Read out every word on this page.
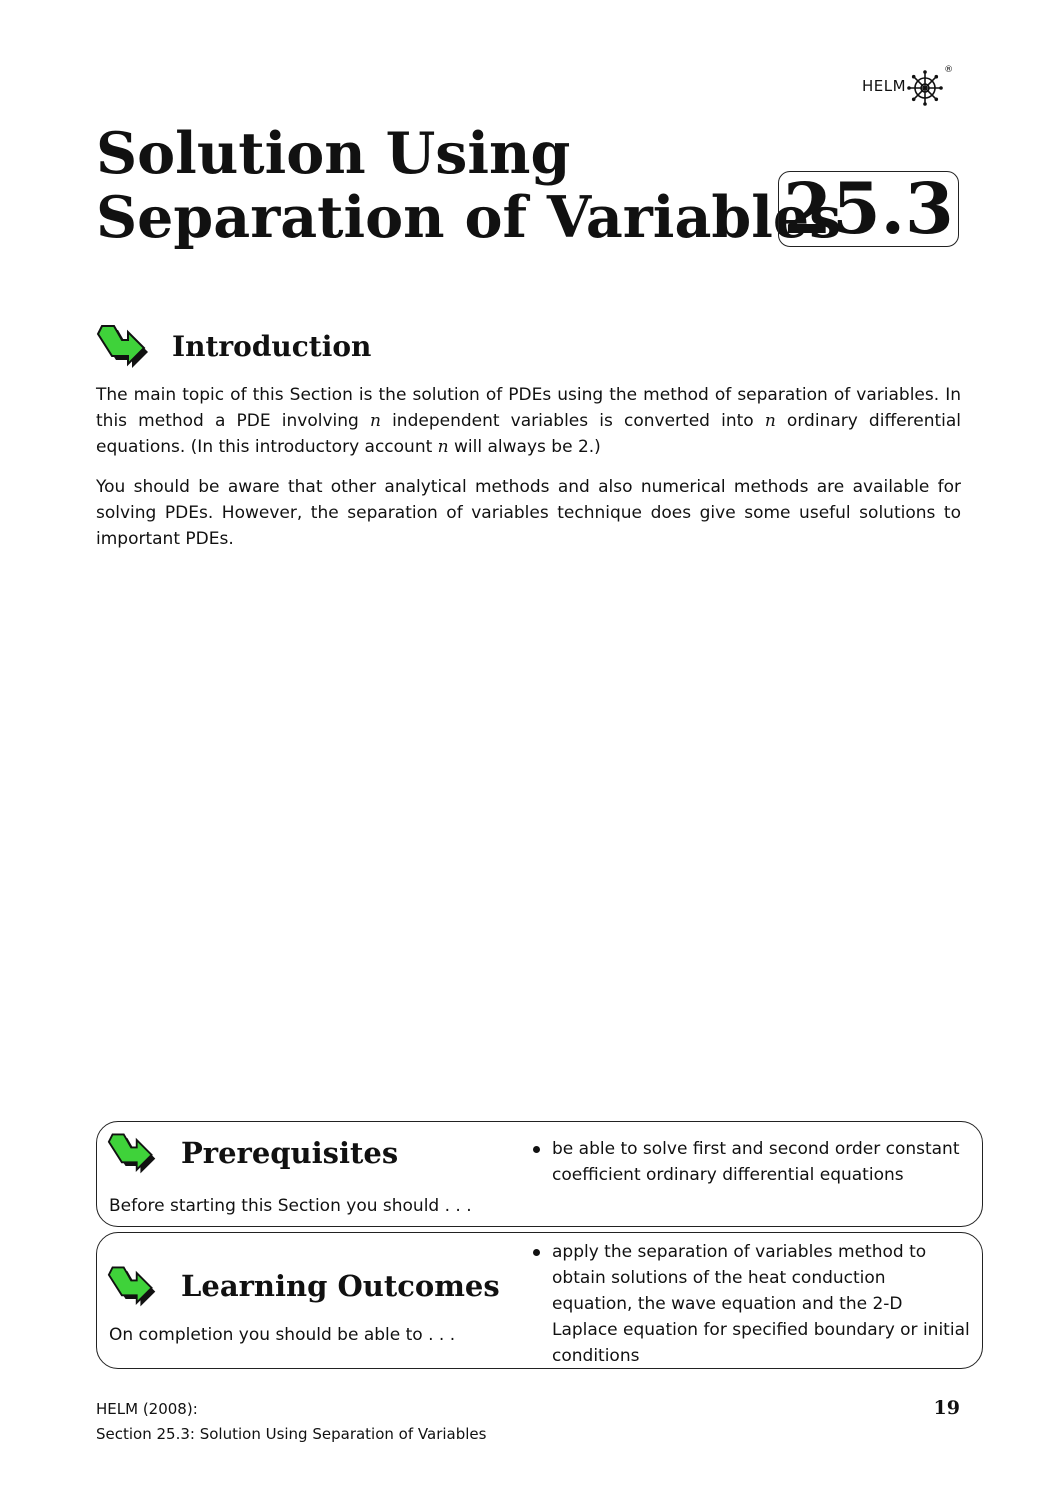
HELM
®
Solution Using
Separation of Variables
25.3
Introduction

The main topic of this Section is the solution of PDEs using the method of separation of variables. In this method a PDE involving n independent variables is converted into n ordinary differential equations. (In this introductory account n will always be 2.)

You should be aware that other analytical methods and also numerical methods are available for solving PDEs. However, the separation of variables technique does give some useful solutions to important PDEs.

Prerequisites

Before starting this Section you should . . .

be able to solve first and second order constant coefficient ordinary differential equations
Learning Outcomes

On completion you should be able to . . .

apply the separation of variables method to obtain solutions of the heat conduction equation, the wave equation and the 2-D Laplace equation for specified boundary or initial conditions
HELM (2008):
Section 25.3: Solution Using Separation of Variables
19
